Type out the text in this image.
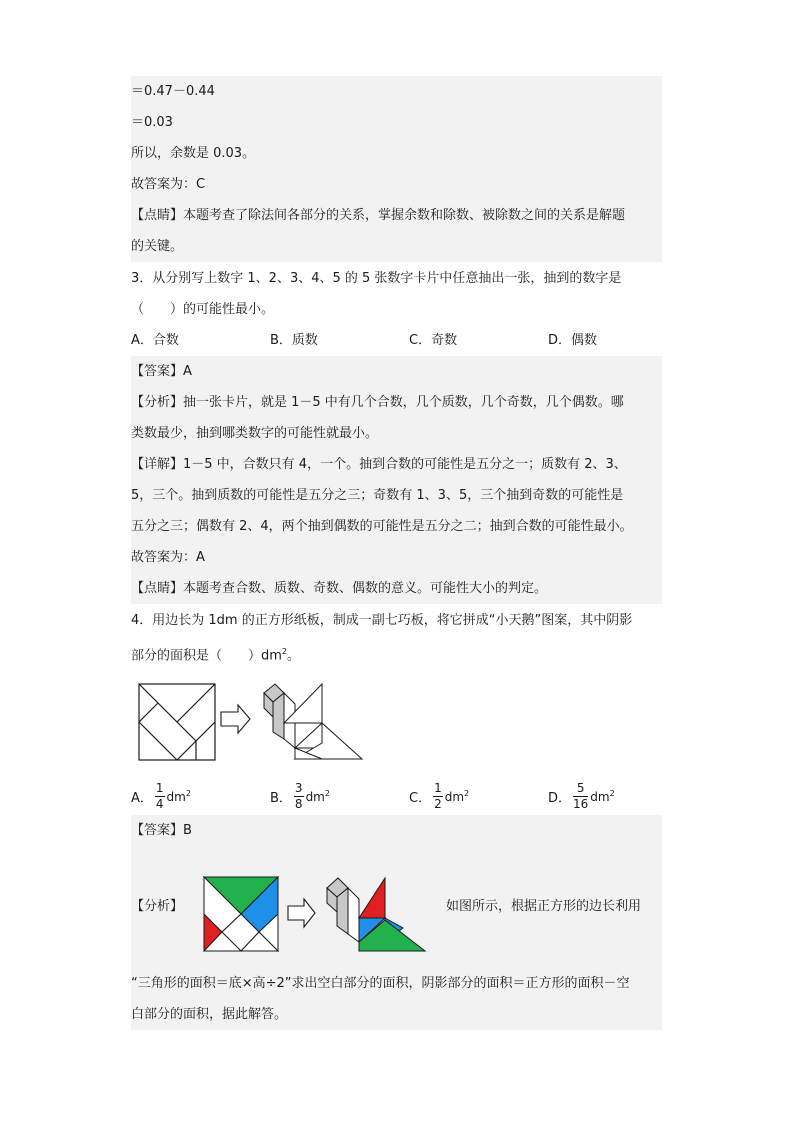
＝0.47－0.44
＝0.03
所以，余数是 0.03。
故答案为：C
【点睛】本题考查了除法间各部分的关系，掌握余数和除数、被除数之间的关系是解题
的关键。
3．从分别写上数字 1、2、3、4、5 的 5 张数字卡片中任意抽出一张，抽到的数字是
（　　）的可能性最小。
A．合数	B．质数	C．奇数	D．偶数
【答案】A
【分析】抽一张卡片，就是 1－5 中有几个合数，几个质数，几个奇数，几个偶数。哪
类数最少，抽到哪类数字的可能性就最小。
【详解】1－5 中，合数只有 4，一个。抽到合数的可能性是五分之一；质数有 2、3、
5，三个。抽到质数的可能性是五分之三；奇数有 1、3、5，三个抽到奇数的可能性是
五分之三；偶数有 2、4，两个抽到偶数的可能性是五分之二；抽到合数的可能性最小。
故答案为：A
【点睛】本题考查合数、质数、奇数、偶数的意义。可能性大小的判定。
4．用边长为 1dm 的正方形纸板，制成一副七巧板，将它拼成“小天鹅”图案，其中阴影
部分的面积是（　　）$dm^2$。
A． $\frac{1}{4} dm^2$	B． $\frac{3}{8} dm^2$	C． $\frac{1}{2} dm^2$	D． $\frac{5}{16} dm^2$
【答案】B
【分析】	如图所示，根据正方形的边长利用
“三角形的面积＝底×高÷2”求出空白部分的面积，阴影部分的面积＝正方形的面积－空
白部分的面积，据此解答。
